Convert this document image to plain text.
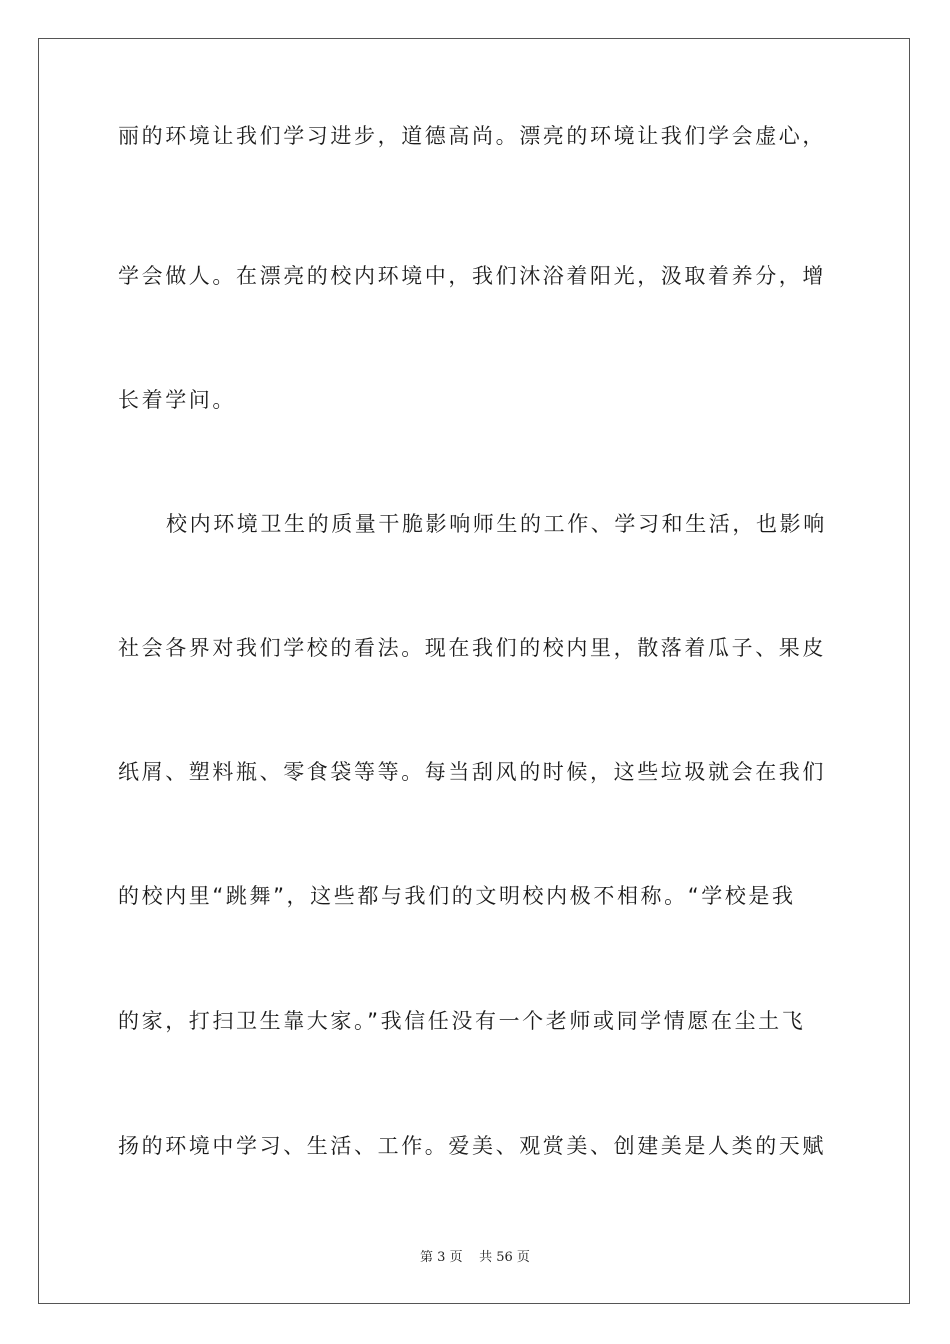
丽的环境让我们学习进步，道德高尚。漂亮的环境让我们学会虚心，
学会做人。在漂亮的校内环境中，我们沐浴着阳光，汲取着养分，增
长着学问。
校内环境卫生的质量干脆影响师生的工作、学习和生活，也影响
社会各界对我们学校的看法。现在我们的校内里，散落着瓜子、果皮
纸屑、塑料瓶、零食袋等等。每当刮风的时候，这些垃圾就会在我们
的校内里“跳舞”，这些都与我们的文明校内极不相称。“学校是我
的家，打扫卫生靠大家。”我信任没有一个老师或同学情愿在尘土飞
扬的环境中学习、生活、工作。爱美、观赏美、创建美是人类的天赋
第 3 页 共 56 页
